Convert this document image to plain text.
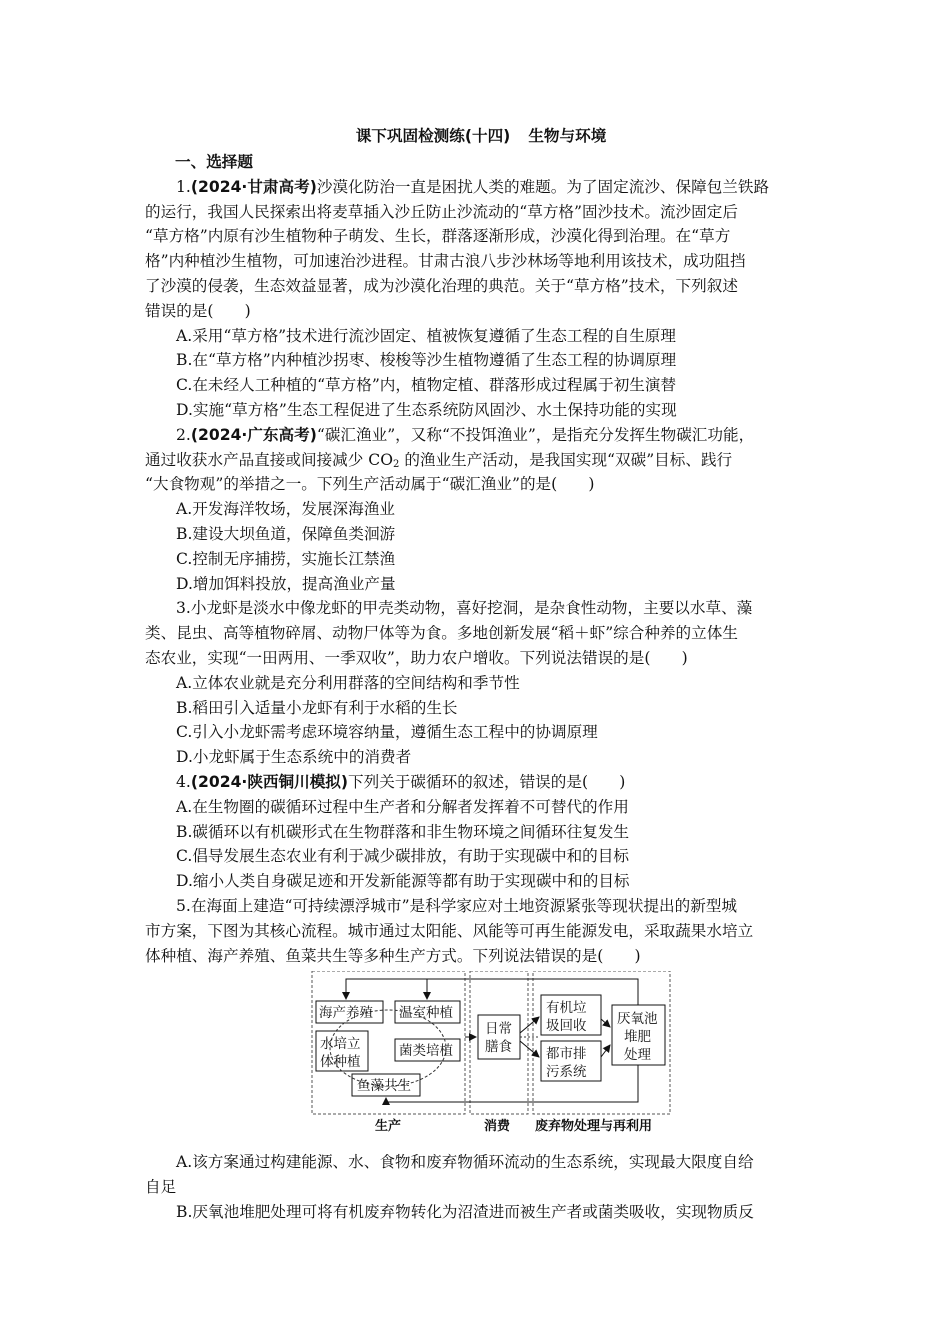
课下巩固检测练(十四) 生物与环境
一、选择题
1.(2024·甘肃高考)沙漠化防治一直是困扰人类的难题。为了固定流沙、保障包兰铁路
的运行，我国人民探索出将麦草插入沙丘防止沙流动的“草方格”固沙技术。流沙固定后
“草方格”内原有沙生植物种子萌发、生长，群落逐渐形成，沙漠化得到治理。在“草方
格”内种植沙生植物，可加速治沙进程。甘肃古浪八步沙林场等地利用该技术，成功阻挡
了沙漠的侵袭，生态效益显著，成为沙漠化治理的典范。关于“草方格”技术，下列叙述
错误的是(　　)
A.采用“草方格”技术进行流沙固定、植被恢复遵循了生态工程的自生原理
B.在“草方格”内种植沙拐枣、梭梭等沙生植物遵循了生态工程的协调原理
C.在未经人工种植的“草方格”内，植物定植、群落形成过程属于初生演替
D.实施“草方格”生态工程促进了生态系统防风固沙、水土保持功能的实现
2.(2024·广东高考)“碳汇渔业”，又称“不投饵渔业”，是指充分发挥生物碳汇功能，
通过收获水产品直接或间接减少 $CO_2$ 的渔业生产活动，是我国实现“双碳”目标、践行
“大食物观”的举措之一。下列生产活动属于“碳汇渔业”的是(　　)
A.开发海洋牧场，发展深海渔业
B.建设大坝鱼道，保障鱼类洄游
C.控制无序捕捞，实施长江禁渔
D.增加饵料投放，提高渔业产量
3.小龙虾是淡水中像龙虾的甲壳类动物，喜好挖洞，是杂食性动物，主要以水草、藻
类、昆虫、高等植物碎屑、动物尸体等为食。多地创新发展“稻＋虾”综合种养的立体生
态农业，实现“一田两用、一季双收”，助力农户增收。下列说法错误的是(　　)
A.立体农业就是充分利用群落的空间结构和季节性
B.稻田引入适量小龙虾有利于水稻的生长
C.引入小龙虾需考虑环境容纳量，遵循生态工程中的协调原理
D.小龙虾属于生态系统中的消费者
4.(2024·陕西铜川模拟)下列关于碳循环的叙述，错误的是(　　)
A.在生物圈的碳循环过程中生产者和分解者发挥着不可替代的作用
B.碳循环以有机碳形式在生物群落和非生物环境之间循环往复发生
C.倡导发展生态农业有利于减少碳排放，有助于实现碳中和的目标
D.缩小人类自身碳足迹和开发新能源等都有助于实现碳中和的目标
5.在海面上建造“可持续漂浮城市”是科学家应对土地资源紧张等现状提出的新型城
市方案，下图为其核心流程。城市通过太阳能、风能等可再生能源发电，采取蔬果水培立
体种植、海产养殖、鱼菜共生等多种生产方式。下列说法错误的是(　　)
海产养殖 温室种植
水培立
体种植
菌类培植
鱼藻共生
日常
膳食
有机垃
圾回收
都市排
污系统
厌氧池
堆肥
处理
生产	消费 废弃物处理与再利用
A.该方案通过构建能源、水、食物和废弃物循环流动的生态系统，实现最大限度自给
自足
B.厌氧池堆肥处理可将有机废弃物转化为沼渣进而被生产者或菌类吸收，实现物质反
